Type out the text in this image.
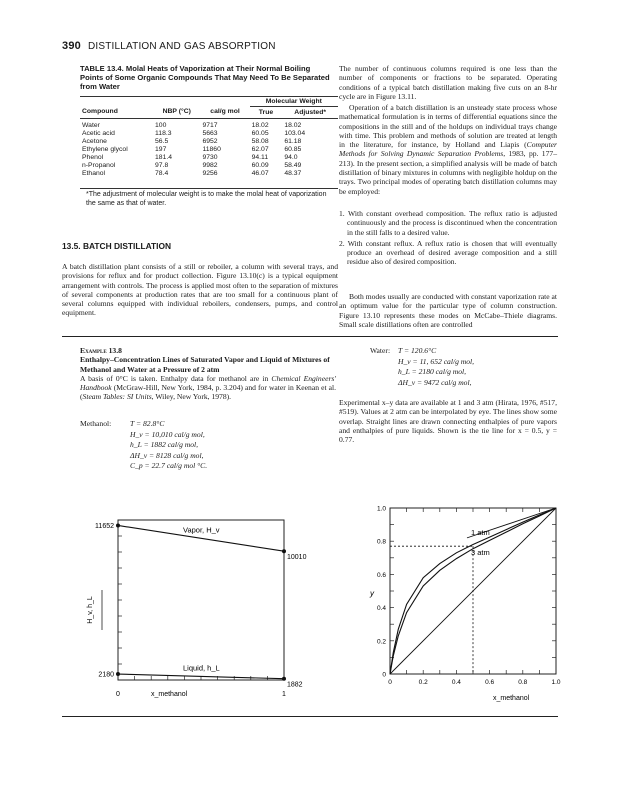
390 DISTILLATION AND GAS ABSORPTION
TABLE 13.4. Molal Heats of Vaporization at Their Normal Boiling Points of Some Organic Compounds That May Need To Be Separated from Water
			Molecular Weight	
Compound	NBP (°C)	cal/g mol	True	Adjusted*

Water	100	9717	18.02	18.02
Acetic acid	118.3	5663	60.05	103.04
Acetone	56.5	6952	58.08	61.18
Ethylene glycol	197	11860	62.07	60.85
Phenol	181.4	9730	94.11	94.0
n-Propanol	97.8	9982	60.09	58.49
Ethanol	78.4	9256	46.07	48.37
*The adjustment of molecular weight is to make the molal heat of vaporization the same as that of water.
13.5. BATCH DISTILLATION
A batch distillation plant consists of a still or reboiler, a column with several trays, and provisions for reflux and for product collection. Figure 13.10(c) is a typical equipment arrangement with controls. The process is applied most often to the separation of mixtures of several components at production rates that are too small for a continuous plant of several columns equipped with individual reboilers, condensers, pumps, and control equipment.
The number of continuous columns required is one less than the number of components or fractions to be separated. Operating conditions of a typical batch distillation making five cuts on an 8-hr cycle are in Figure 13.11.
Operation of a batch distillation is an unsteady state process whose mathematical formulation is in terms of differential equations since the compositions in the still and of the holdups on individual trays change with time. This problem and methods of solution are treated at length in the literature, for instance, by Holland and Liapis (Computer Methods for Solving Dynamic Separation Problems, 1983, pp. 177–213). In the present section, a simplified analysis will be made of batch distillation of binary mixtures in columns with negligible holdup on the trays. Two principal modes of operating batch distillation columns may be employed:
1. With constant overhead composition. The reflux ratio is adjusted continuously and the process is discontinued when the concentration in the still falls to a desired value.
2. With constant reflux. A reflux ratio is chosen that will eventually produce an overhead of desired average composition and a still residue also of desired composition.
Both modes usually are conducted with constant vaporization rate at an optimum value for the particular type of column construction. Figure 13.10 represents these modes on McCabe–Thiele diagrams. Small scale distillations often are controlled
Example 13.8
Enthalpy–Concentration Lines of Saturated Vapor and Liquid of Mixtures of Methanol and Water at a Pressure of 2 atm
A basis of 0°C is taken. Enthalpy data for methanol are in Chemical Engineers' Handbook (McGraw-Hill, New York, 1984, p. 3.204) and for water in Keenan et al. (Steam Tables: SI Units, Wiley, New York, 1978).
Methanol: T = 82.8°C
H_v = 10,010 cal/g mol,
h_L = 1882 cal/g mol,
ΔH_v = 8128 cal/g mol,
C_p = 22.7 cal/g mol °C.
Water: T = 120.6°C
H_v = 11, 652 cal/g mol,
h_L = 2180 cal/g mol,
ΔH_v = 9472 cal/g mol,
Experimental x–y data are available at 1 and 3 atm (Hirata, 1976, #517, #519). Values at 2 atm can be interpolated by eye. The lines show some overlap. Straight lines are drawn connecting enthalpies of pure vapors and enthalpies of pure liquids. Shown is the tie line for x = 0.5, y = 0.77.
0	1
x_methanol
H_v, h_L
11652
10010
Vapor, H_v
2180
1882
Liquid, h_L
0	0.2	0.4	0.6	0.8	1.0
0
0.2
0.4
0.6
0.8
1.0
x_methanol
y
1 atm
3 atm
